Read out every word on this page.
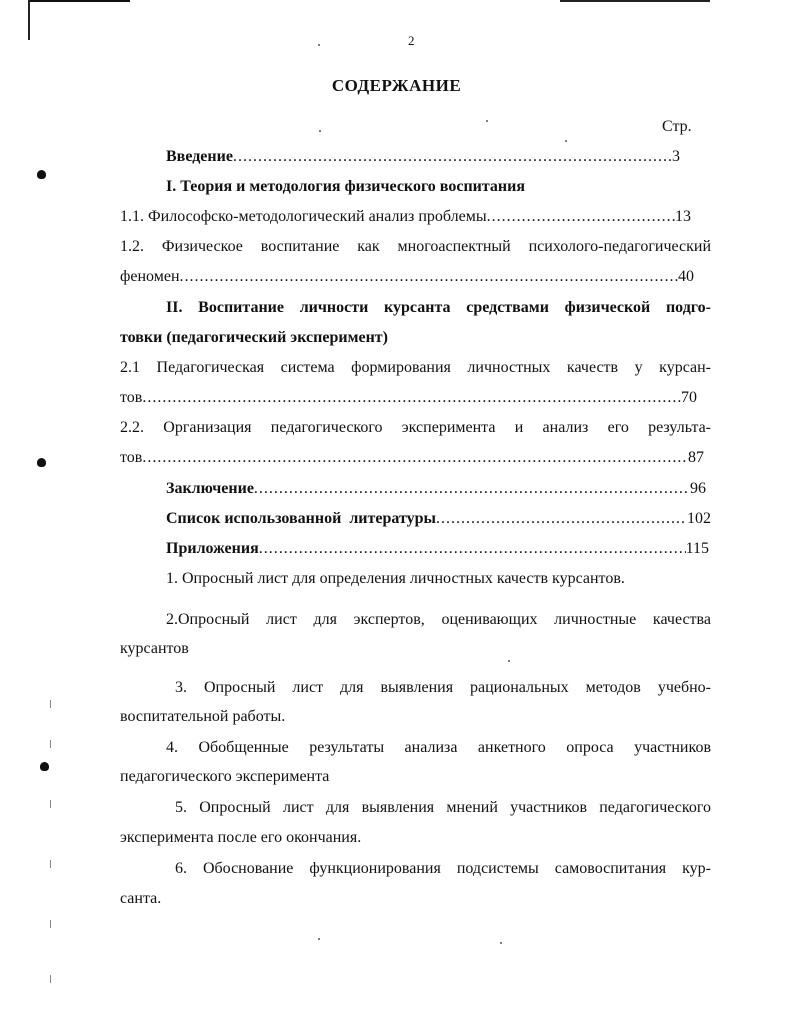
2
СОДЕРЖАНИЕ
Стр.
Введение .....	3
I. Теория и методология физического воспитания
1.1. Философско-методологический анализ проблемы .....	13
1.2. Физическое воспитание как многоаспектный психолого-педагогический
феномен .....	40
II. Воспитание личности курсанта средствами физической подго-
товки (педагогический эксперимент)
2.1 Педагогическая система формирования личностных качеств у курсан-
тов .....	70
2.2. Организация педагогического эксперимента и анализ его результа-
тов .....	87
Заключение .....	96
Список использованной  литературы .....	102
Приложения .....	115
1. Опросный лист для определения личностных качеств курсантов.
2.Опросный лист для экспертов, оценивающих личностные качества
курсантов
3. Опросный лист для выявления рациональных методов учебно-
воспитательной работы.
4. Обобщенные результаты анализа анкетного опроса участников
педагогического эксперимента
5. Опросный лист для выявления мнений участников педагогического
эксперимента после его окончания.
6. Обоснование функционирования подсистемы самовоспитания кур-
санта.
